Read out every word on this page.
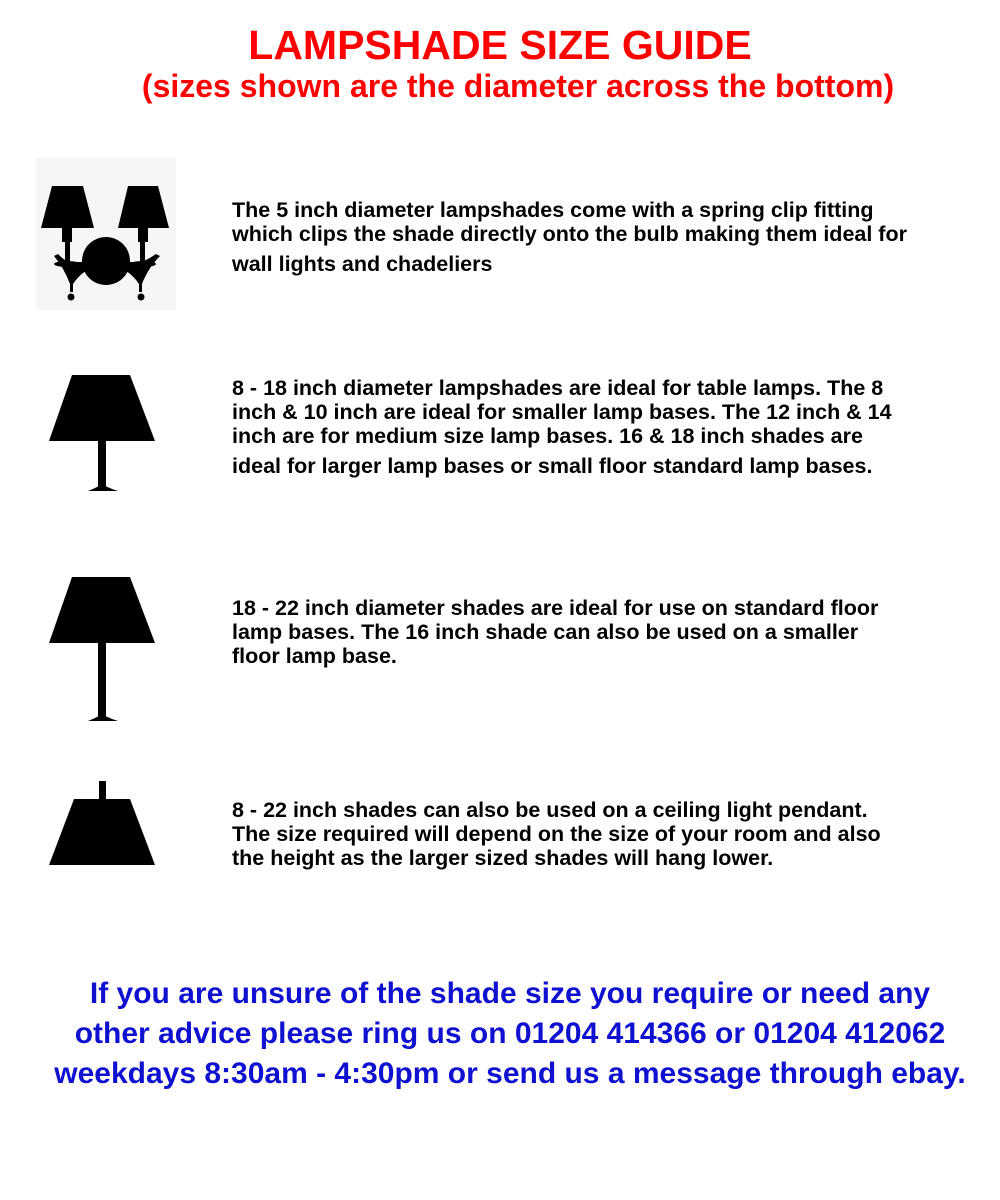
LAMPSHADE SIZE GUIDE
(sizes shown are the diameter across the bottom)
The 5 inch diameter lampshades come with a spring clip fitting
which clips the shade directly onto the bulb making them ideal for
wall lights and chadeliers
8 - 18 inch diameter lampshades are ideal for table lamps. The 8
inch & 10 inch are ideal for smaller lamp bases. The 12 inch & 14
inch are for medium size lamp bases. 16 & 18 inch shades are
ideal for larger lamp bases or small floor standard lamp bases.
18 - 22 inch diameter shades are ideal for use on standard floor
lamp bases. The 16 inch shade can also be used on a smaller
floor lamp base.
8 - 22 inch shades can also be used on a ceiling light pendant.
The size required will depend on the size of your room and also
the height as the larger sized shades will hang lower.
If you are unsure of the shade size you require or need any
other advice please ring us on 01204 414366 or 01204 412062
weekdays 8:30am - 4:30pm or send us a message through ebay.
